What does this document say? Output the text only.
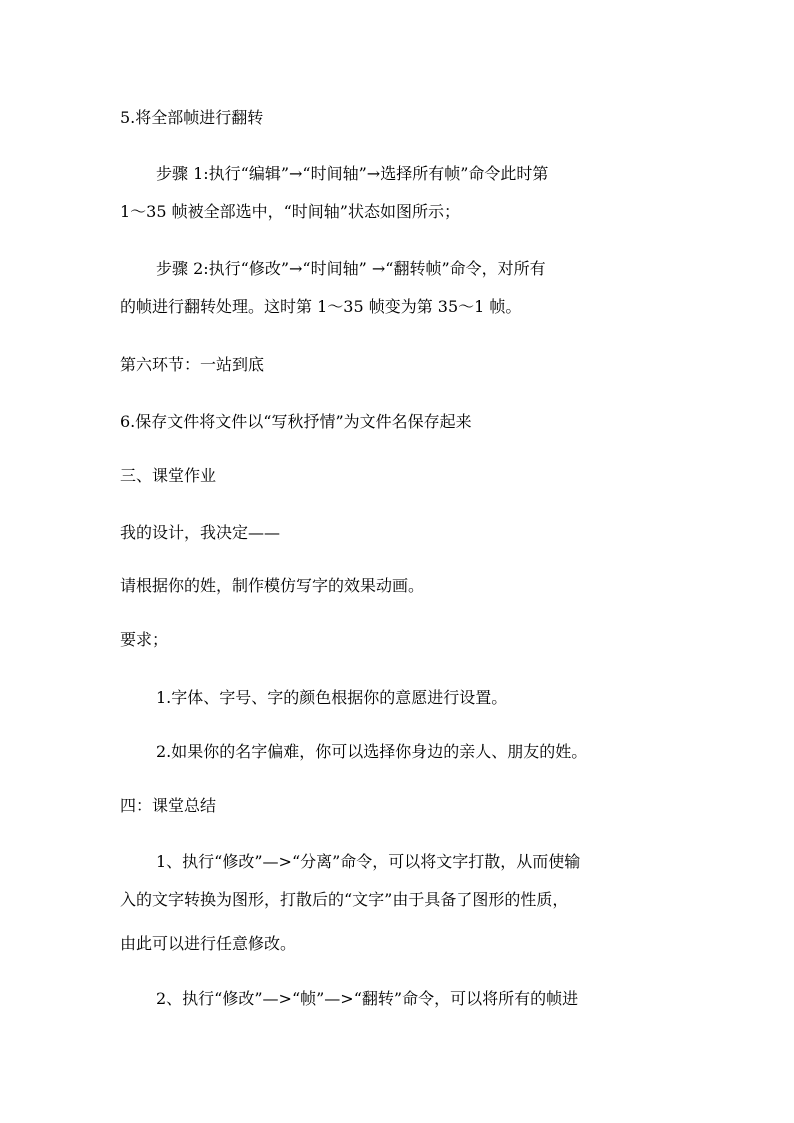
5.将全部帧进行翻转
步骤 1:执行“编辑”→“时间轴”→选择所有帧”命令此时第
1～35 帧被全部选中，“时间轴”状态如图所示；
步骤 2:执行“修改”→“时间轴” →“翻转帧”命令，对所有
的帧进行翻转处理。这时第 1～35 帧变为第 35～1 帧。
第六环节：一站到底
6.保存文件将文件以“写秋抒情”为文件名保存起来
三、课堂作业
我的设计，我决定——
请根据你的姓，制作模仿写字的效果动画。
要求；
1.字体、字号、字的颜色根据你的意愿进行设置。
2.如果你的名字偏难，你可以选择你身边的亲人、朋友的姓。
四：课堂总结
1、执行“修改”—>“分离”命令，可以将文字打散，从而使输
入的文字转换为图形，打散后的“文字”由于具备了图形的性质，
由此可以进行任意修改。
2、执行“修改”—>“帧”—>“翻转”命令，可以将所有的帧进
